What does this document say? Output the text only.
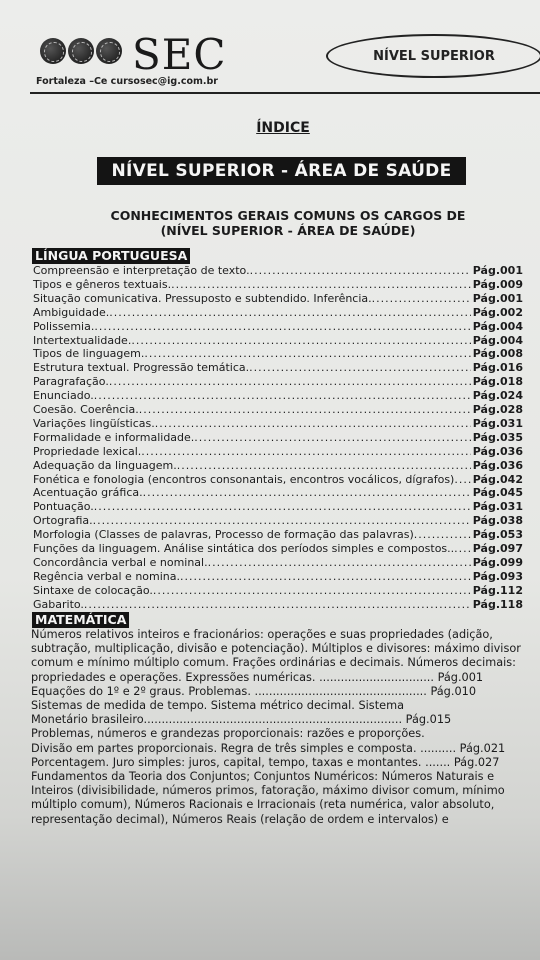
SEC
Fortaleza –Ce cursosec@ig.com.br
NÍVEL SUPERIOR
ÍNDICE
NÍVEL SUPERIOR - ÁREA DE SAÚDE
CONHECIMENTOS GERAIS COMUNS OS CARGOS DE
(NÍVEL SUPERIOR - ÁREA DE SAÚDE)
LÍNGUA PORTUGUESA
Compreensão e interpretação de texto. .....	Pág.001
Tipos e gêneros textuais. .....	Pág.009
Situação comunicativa. Pressuposto e subtendido. Inferência. .....	Pág.001
Ambiguidade. .....	Pág.002
Polissemia. .....	Pág.004
Intertextualidade. .....	Pág.004
Tipos de linguagem. .....	Pág.008
Estrutura textual. Progressão temática. .....	Pág.016
Paragrafação. .....	Pág.018
Enunciado. .....	Pág.024
Coesão. Coerência. .....	Pág.028
Variações lingüísticas. .....	Pág.031
Formalidade e informalidade. .....	Pág.035
Propriedade lexical. .....	Pág.036
Adequação da linguagem. .....	Pág.036
Fonética e fonologia (encontros consonantais, encontros vocálicos, dígrafos) ..... Pág.042
Acentuação gráfica. .....	Pág.045
Pontuação. .....	Pág.031
Ortografia. .....	Pág.038
Morfologia (Classes de palavras, Processo de formação das palavras) .....	Pág.053
Funções da linguagem. Análise sintática dos períodos simples e compostos.. ..... Pág.097
Concordância verbal e nominal. .....	Pág.099
Regência verbal e nomina. .....	Pág.093
Sintaxe de colocação. .....	Pág.112
Gabarito. .....	Pág.118
MATEMÁTICA
Números relativos inteiros e fracionários: operações e suas propriedades (adição,
subtração, multiplicação, divisão e potenciação). Múltiplos e divisores: máximo divisor
comum e mínimo múltiplo comum. Frações ordinárias e decimais. Números decimais:
propriedades e operações. Expressões numéricas. ................................ Pág.001
Equações do 1º e 2º graus. Problemas. ................................................ Pág.010
Sistemas de medida de tempo. Sistema métrico decimal. Sistema
Monetário brasileiro........................................................................ Pág.015
Problemas, números e grandezas proporcionais: razões e proporções.
Divisão em partes proporcionais. Regra de três simples e composta. .......... Pág.021
Porcentagem. Juro simples: juros, capital, tempo, taxas e montantes. ....... Pág.027
Fundamentos da Teoria dos Conjuntos; Conjuntos Numéricos: Números Naturais e
Inteiros (divisibilidade, números primos, fatoração, máximo divisor comum, mínimo
múltiplo comum), Números Racionais e Irracionais (reta numérica, valor absoluto,
representação decimal), Números Reais (relação de ordem e intervalos) e
